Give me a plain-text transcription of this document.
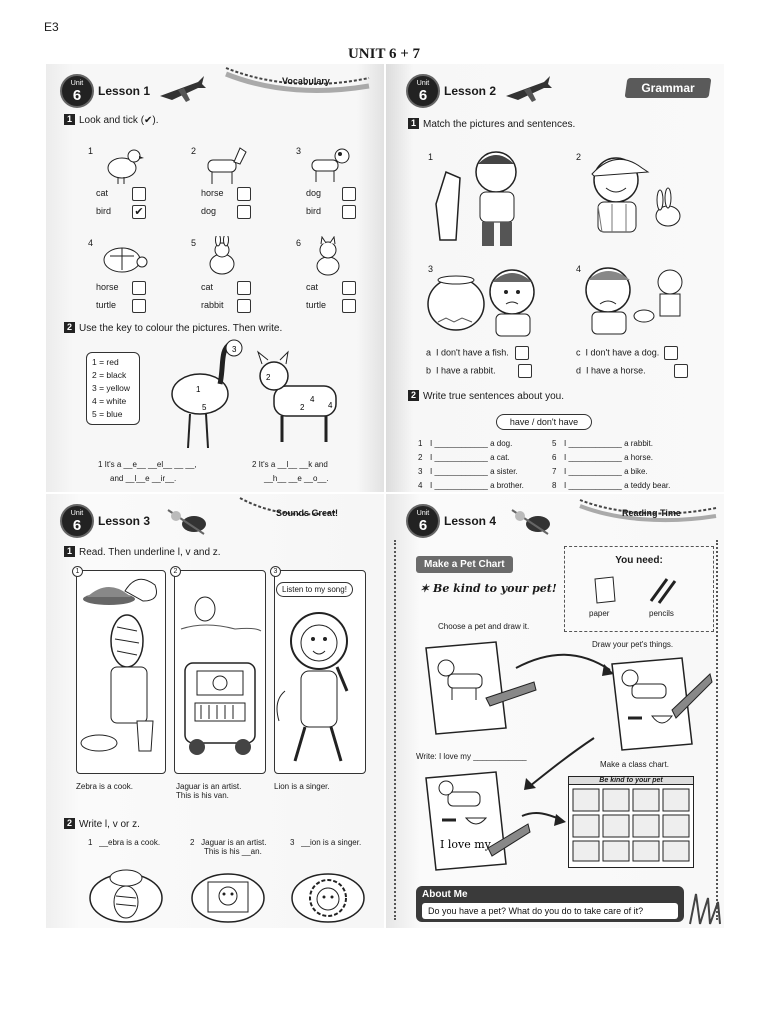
E3
UNIT 6 + 7
Unit
6	Lesson 1
Vocabulary
1 Look and tick (✔).
1	2	3
cat
bird ✔
horse
dog
dog
bird
4	5	6
horse
turtle
cat
rabbit
cat
turtle
2 Use the key to colour the pictures. Then write.
1 = red
2 = black
3 = yellow
4 = white
5 = blue
1
5
3
2
4
4
2
1 It's a __e__ __el__ __ __,
and __l__e __ir__.
2 It's a __l__ __k and
__h__ __e __o__.
Unit
6	Lesson 2	Grammar
1 Match the pictures and sentences.
1	2
3	4
a I don't have a fish.
b I have a rabbit.
c I don't have a dog.
d I have a horse.
2 Write true sentences about you.
have / don't have
1 I ____________ a dog.
2 I ____________ a cat.
3 I ____________ a sister.
4 I ____________ a brother.
5 I ____________ a rabbit.
6 I ____________ a horse.
7 I ____________ a bike.
8 I ____________ a teddy bear.
Unit
6	Lesson 3
Sounds Great!
1 Read. Then underline l, v and z.
1	2	3
Listen to my song!
Zebra is a cook.	Jaguar is an artist.
This is his van.
Lion is a singer.
2 Write l, v or z.
1 __ebra is a cook.	2 Jaguar is an artist.
This is his __an.
3 __ion is a singer.
Unit
6	Lesson 4
Reading Time
Make a Pet Chart
✶ Be kind to your pet!
You need:
paper	pencils
Choose a pet and draw it.
Draw your pet's things.
Write: I love my ____________
Make a class chart.
I love my
Be kind to your pet
About Me
Do you have a pet? What do you do to take care of it?
